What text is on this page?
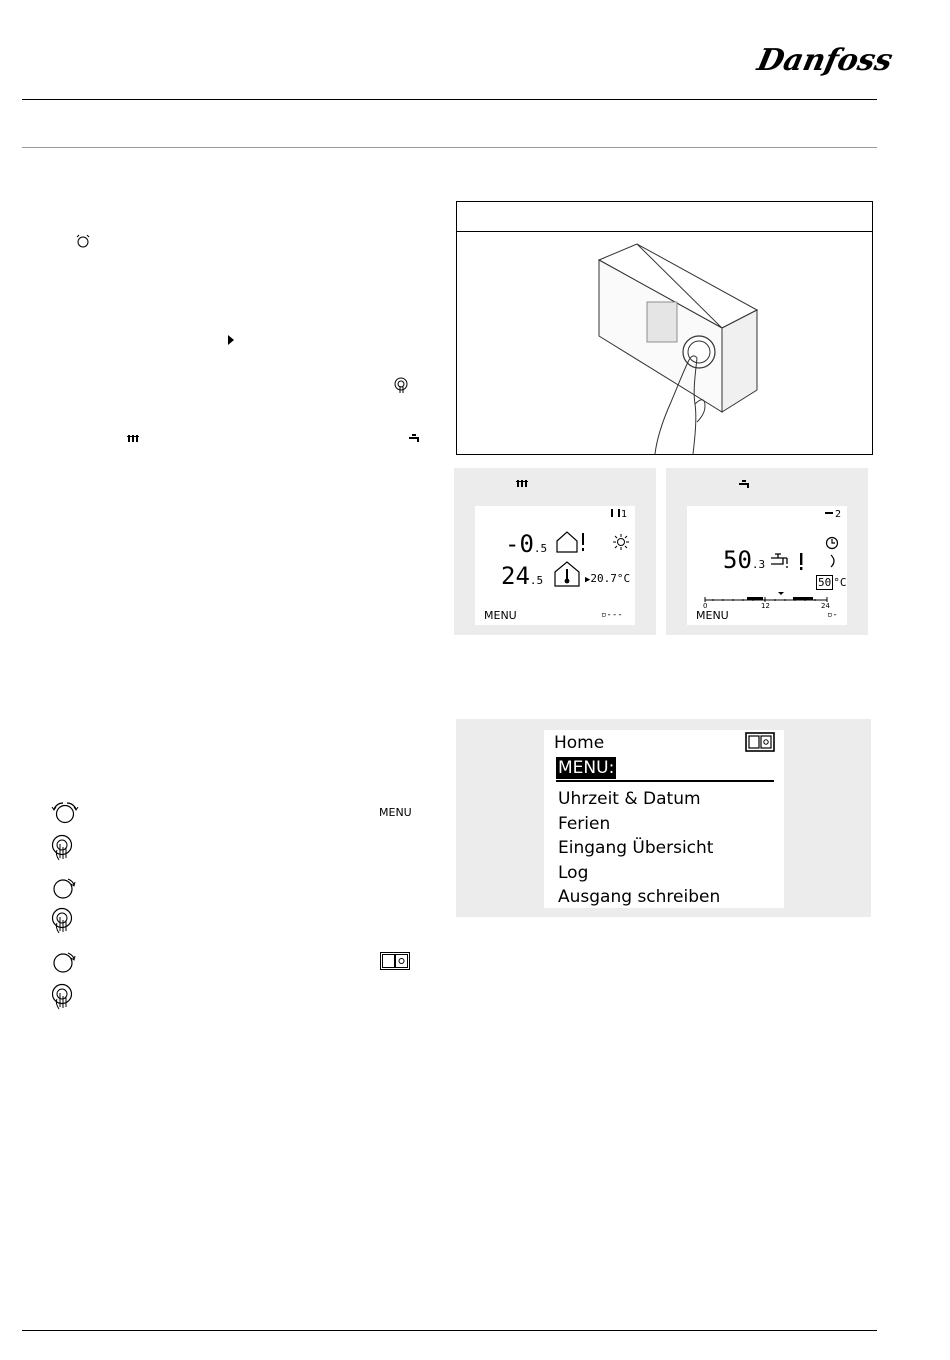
Danfoss
1
-0.5
24.5	▶20.7°C
MENU	▫---
2
50.3
50 °C
0	12	24
MENU	▫-
MENU
Home
MENU:
Uhrzeit & Datum
Ferien
Eingang Übersicht
Log
Ausgang schreiben
